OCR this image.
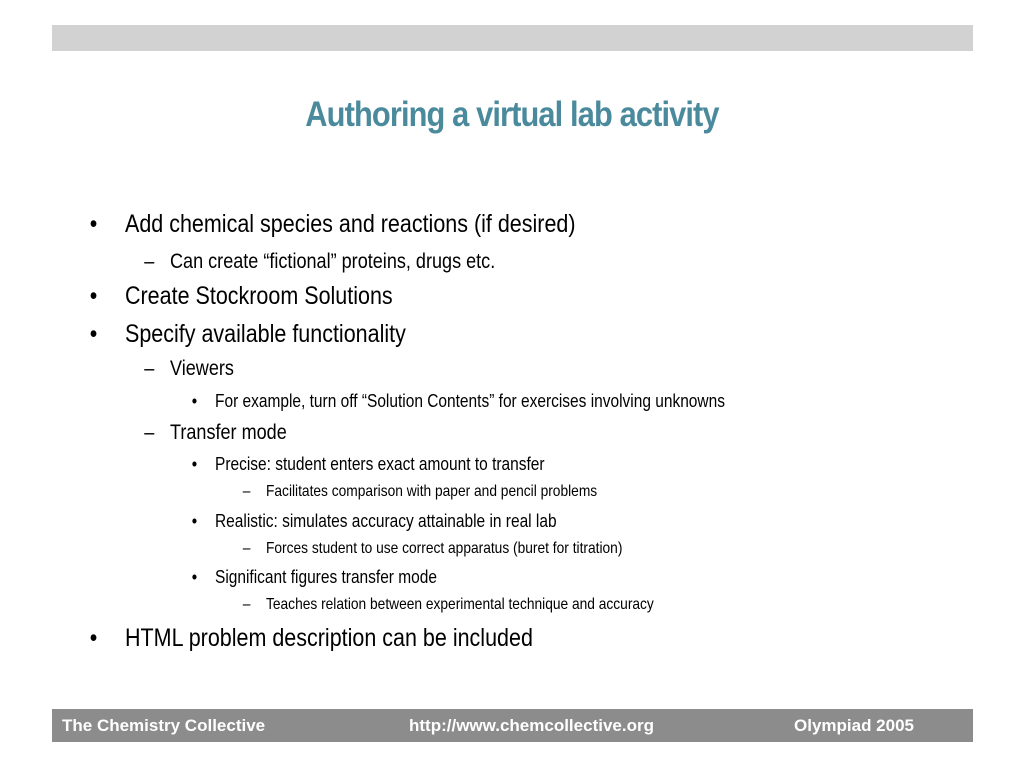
Authoring a virtual lab activity
• Add chemical species and reactions (if desired)
– Can create “fictional” proteins, drugs etc.
• Create Stockroom Solutions
• Specify available functionality
– Viewers
• For example, turn off “Solution Contents” for exercises involving unknowns
– Transfer mode
• Precise: student enters exact amount to transfer
– Facilitates comparison with paper and pencil problems
• Realistic: simulates accuracy attainable in real lab
– Forces student to use correct apparatus (buret for titration)
• Significant figures transfer mode
– Teaches relation between experimental technique and accuracy
• HTML problem description can be included
The Chemistry Collective	http://www.chemcollective.org	Olympiad 2005
